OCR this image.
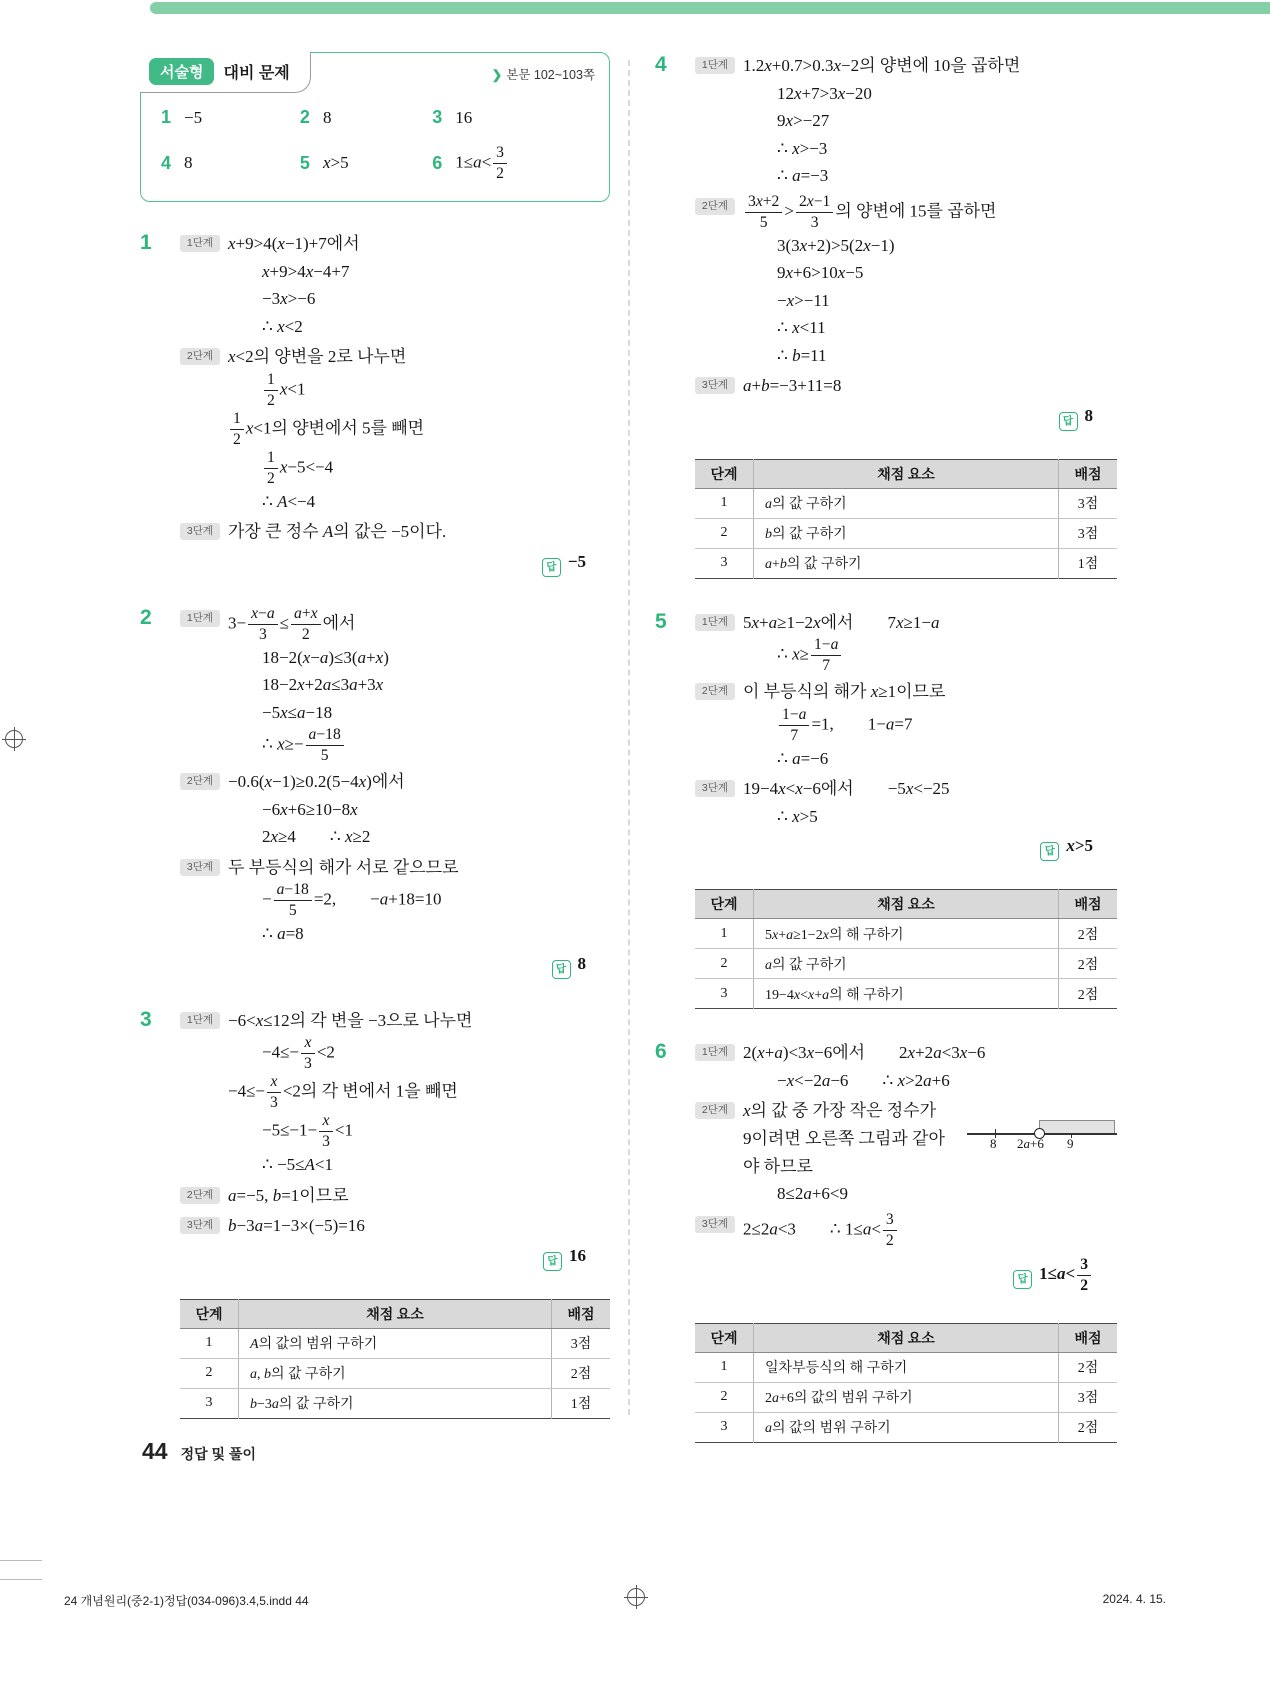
서술형	대비 문제	❯ 본문 102~103쪽
1 −5	2 8	3 16
4 8	5 x>5	6 $1\le a< \frac{3}{2}$
1	1단계 x+9>4(x−1)+7에서
x+9>4x−4+7
−3x>−6
∴ x<2
2단계 x<2의 양변을 2로 나누면
$\frac{1}{2} x<1$
$\frac{1}{2} x<1$의 양변에서 5를 빼면
$\frac{1}{2} x-5<-4$
∴ A<−4
3단계 가장 큰 정수 A의 값은 −5이다.
답 −5
2	1단계 $3- \frac{x-a}{3} \le \frac{a+x}{2}$ 에서
18−2(x−a)≤3(a+x)
18−2x+2a≤3a+3x
−5x≤a−18
∴ $x\ge- \frac{a-18}{5}$
2단계 −0.6(x−1)≥0.2(5−4x)에서
−6x+6≥10−8x
2x≥4  ∴ x≥2
3단계 두 부등식의 해가 서로 같으므로
− $\frac{a-18}{5} =2$,  −a+18=10
∴ a=8
답 8
3	1단계 −6<x≤12의 각 변을 −3으로 나누면
$-4\le- \frac{x}{3} <2$
$-4\le- \frac{x}{3} <2$의 각 변에서 1을 빼면
$-5\le-1- \frac{x}{3} <1$
∴ −5≤A<1
2단계 a=−5, b=1이므로
3단계 b−3a=1−3×(−5)=16
답 16
단계	채점 요소	배점
1	A의 값의 범위 구하기	3점
2	a, b의 값 구하기	2점
3	b−3a의 값 구하기	1점
4	1단계 1.2x+0.7>0.3x−2의 양변에 10을 곱하면
12x+7>3x−20
9x>−27
∴ x>−3
∴ a=−3
2단계	$\frac{3x+2}{5} > \frac{2x-1}{3}$ 의 양변에 15를 곱하면
3(3x+2)>5(2x−1)
9x+6>10x−5
−x>−11
∴ x<11
∴ b=11
3단계 a+b=−3+11=8
답 8
단계	채점 요소	배점
1	a의 값 구하기	3점
2	b의 값 구하기	3점
3	a+b의 값 구하기	1점
5	1단계 5x+a≥1−2x에서  7x≥1−a
∴ $x\ge \frac{1-a}{7}$
2단계 이 부등식의 해가 x≥1이므로
$\frac{1-a}{7} =1$,  1−a=7
∴ a=−6
3단계 19−4x<x−6에서  −5x<−25
∴ x>5
답 x>5
단계	채점 요소	배점
1	5x+a≥1−2x의 해 구하기	2점
2	a의 값 구하기	2점
3	19−4x<x+a의 해 구하기	2점
6	1단계 2(x+a)<3x−6에서  2x+2a<3x−6
−x<−2a−6  ∴ x>2a+6
2단계 x의 값 중 가장 작은 정수가
9이려면 오른쪽 그림과 같아
야 하므로
8≤2a+6<9
8 2a+6 9
3단계 2≤2a<3  ∴ $1\le a< \frac{3}{2}$
답 $1\le a< \frac{3}{2}$
단계	채점 요소	배점
1	일차부등식의 해 구하기	2점
2	2a+6의 값의 범위 구하기	3점
3	a의 값의 범위 구하기	2점
44 정답 및 풀이
24 개념원리(중2-1)정답(034-096)3.4,5.indd 44	2024. 4. 15.
